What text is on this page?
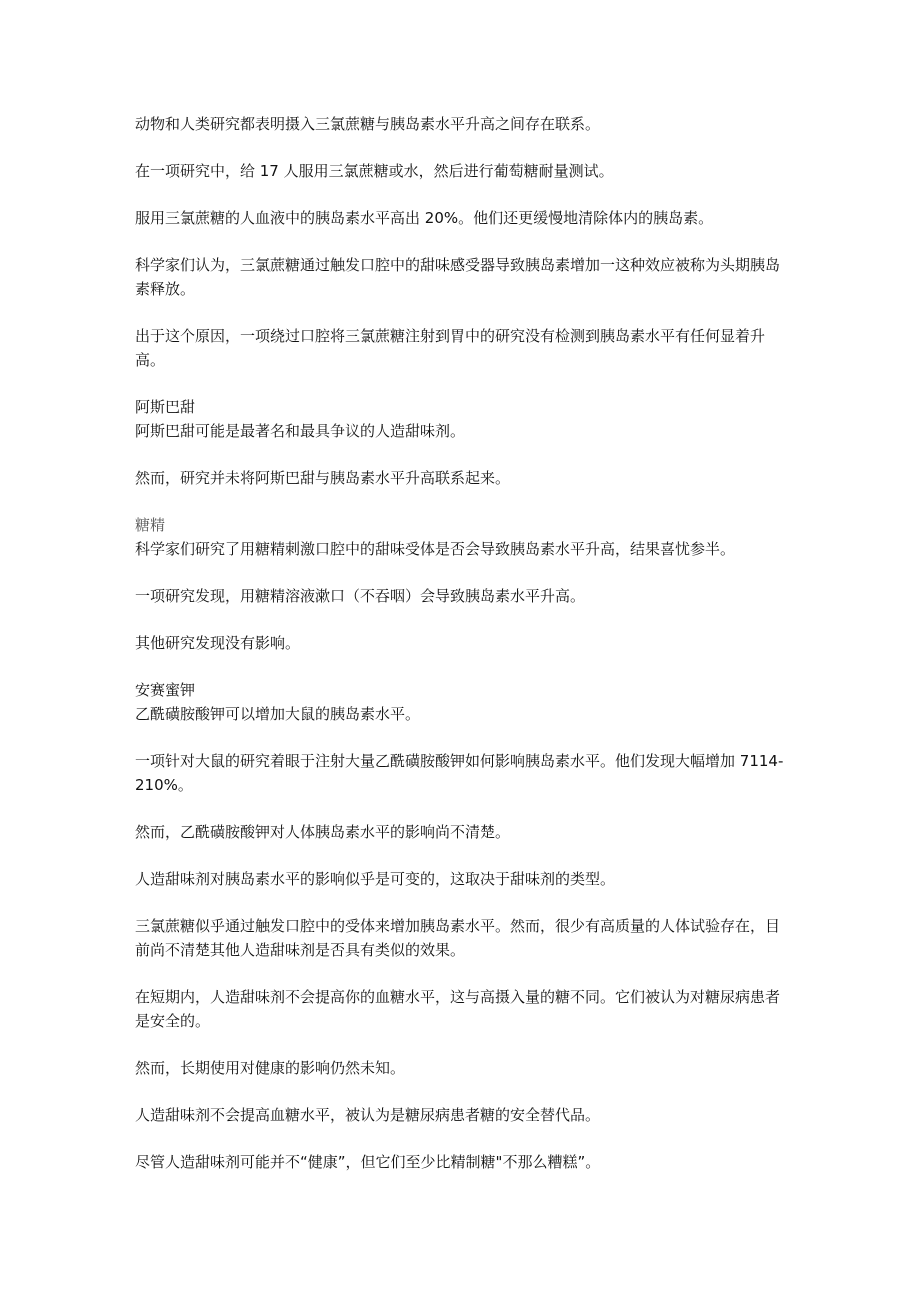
动物和人类研究都表明摄入三氯蔗糖与胰岛素水平升高之间存在联系。

在一项研究中，给 17 人服用三氯蔗糖或水，然后进行葡萄糖耐量测试。

服用三氯蔗糖的人血液中的胰岛素水平高出 20%。他们还更缓慢地清除体内的胰岛素。

科学家们认为，三氯蔗糖通过触发口腔中的甜味感受器导致胰岛素增加一这种效应被称为头期胰岛素释放。

出于这个原因，一项绕过口腔将三氯蔗糖注射到胃中的研究没有检测到胰岛素水平有任何显着升高。

阿斯巴甜

阿斯巴甜可能是最著名和最具争议的人造甜味剂。

然而，研究并未将阿斯巴甜与胰岛素水平升高联系起来。

糖精

科学家们研究了用糖精刺激口腔中的甜味受体是否会导致胰岛素水平升高，结果喜忧参半。

一项研究发现，用糖精溶液漱口（不吞咽）会导致胰岛素水平升高。

其他研究发现没有影响。

安赛蜜钾

乙酰磺胺酸钾可以增加大鼠的胰岛素水平。

一项针对大鼠的研究着眼于注射大量乙酰磺胺酸钾如何影响胰岛素水平。他们发现大幅增加 7114-210%。

然而，乙酰磺胺酸钾对人体胰岛素水平的影响尚不清楚。

人造甜味剂对胰岛素水平的影响似乎是可变的，这取决于甜味剂的类型。

三氯蔗糖似乎通过触发口腔中的受体来增加胰岛素水平。然而，很少有高质量的人体试验存在，目前尚不清楚其他人造甜味剂是否具有类似的效果。

在短期内，人造甜味剂不会提高你的血糖水平，这与高摄入量的糖不同。它们被认为对糖尿病患者是安全的。

然而，长期使用对健康的影响仍然未知。

人造甜味剂不会提高血糖水平，被认为是糖尿病患者糖的安全替代品。

尽管人造甜味剂可能并不“健康”，但它们至少比精制糖"不那么糟糕”。
